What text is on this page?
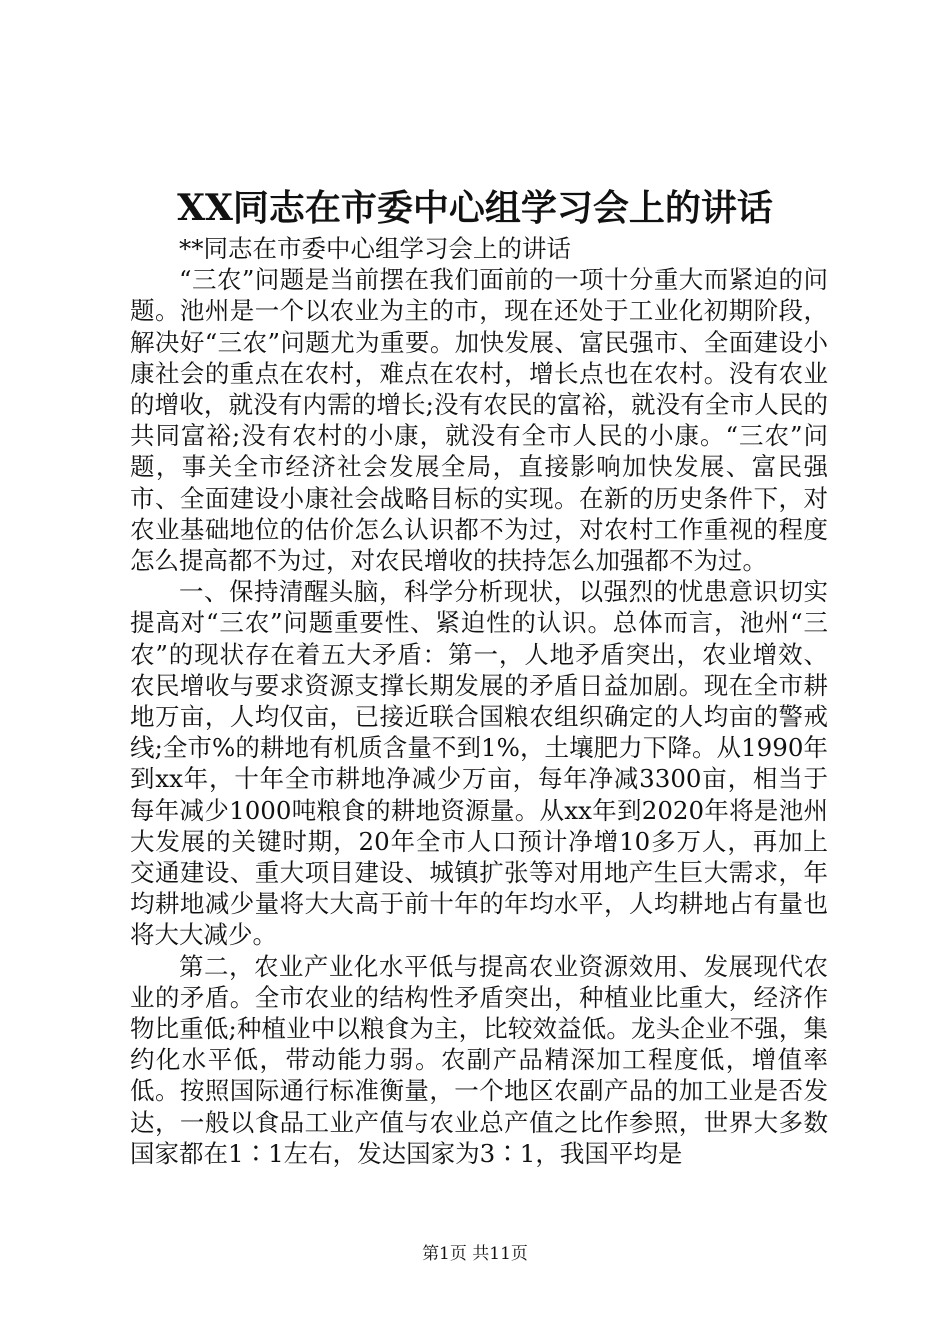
XX同志在市委中心组学习会上的讲话

**同志在市委中心组学习会上的讲话

“三农”问题是当前摆在我们面前的一项十分重大而紧迫的问题。池州是一个以农业为主的市，现在还处于工业化初期阶段，解决好“三农”问题尤为重要。加快发展、富民强市、全面建设小康社会的重点在农村，难点在农村，增长点也在农村。没有农业的增收，就没有内需的增长;没有农民的富裕，就没有全市人民的共同富裕;没有农村的小康，就没有全市人民的小康。“三农”问题，事关全市经济社会发展全局，直接影响加快发展、富民强市、全面建设小康社会战略目标的实现。在新的历史条件下，对农业基础地位的估价怎么认识都不为过，对农村工作重视的程度怎么提高都不为过，对农民增收的扶持怎么加强都不为过。

一、保持清醒头脑，科学分析现状，以强烈的忧患意识切实提高对“三农”问题重要性、紧迫性的认识。总体而言，池州“三农”的现状存在着五大矛盾：第一，人地矛盾突出，农业增效、农民增收与要求资源支撑长期发展的矛盾日益加剧。现在全市耕地万亩，人均仅亩，已接近联合国粮农组织确定的人均亩的警戒线;全市%的耕地有机质含量不到1%，土壤肥力下降。从1990年到xx年，十年全市耕地净减少万亩，每年净减3300亩，相当于每年减少1000吨粮食的耕地资源量。从xx年到2020年将是池州大发展的关键时期，20年全市人口预计净增10多万人，再加上交通建设、重大项目建设、城镇扩张等对用地产生巨大需求，年均耕地减少量将大大高于前十年的年均水平，人均耕地占有量也将大大减少。

第二，农业产业化水平低与提高农业资源效用、发展现代农业的矛盾。全市农业的结构性矛盾突出，种植业比重大，经济作物比重低;种植业中以粮食为主，比较效益低。龙头企业不强，集约化水平低，带动能力弱。农副产品精深加工程度低，增值率低。按照国际通行标准衡量，一个地区农副产品的加工业是否发达，一般以食品工业产值与农业总产值之比作参照，世界大多数国家都在1∶1左右，发达国家为3∶1，我国平均是

第1页 共11页
